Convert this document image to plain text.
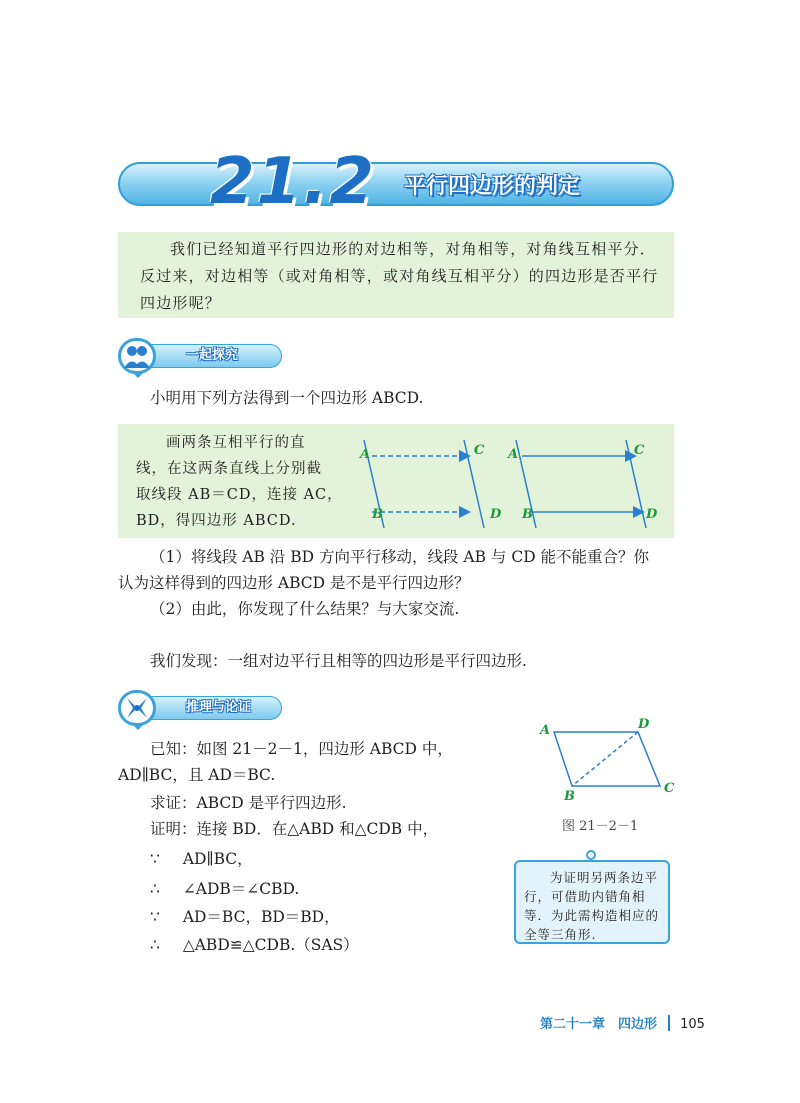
21.2 平行四边形的判定

我们已经知道平行四边形的对边相等，对角相等，对角线互相平分．反过来，对边相等（或对角相等，或对角线互相平分）的四边形是否平行四边形呢？

一起探究
小明用下列方法得到一个四边形 ABCD.
画两条互相平行的直
线，在这两条直线上分别截
取线段 AB＝CD，连接 AC，
BD，得四边形 ABCD.
A
B
C
D
A
B
C
D
（1）将线段 AB 沿 BD 方向平行移动，线段 AB 与 CD 能不能重合？你
认为这样得到的四边形 ABCD 是不是平行四边形？
（2）由此，你发现了什么结果？与大家交流.
我们发现：一组对边平行且相等的四边形是平行四边形.
推理与论证
已知：如图 21－2－1，四边形 ABCD 中，
AD∥BC，且 AD＝BC.
求证：ABCD 是平行四边形.
证明：连接 BD．在△ABD 和△CDB 中，
∵ AD∥BC，
∴ ∠ADB＝∠CBD.
∵ AD＝BC，BD＝BD，
∴ △ABD≌△CDB.（SAS）
A	D
C
B
图 21－2－1

为证明另两条边平行，可借助内错角相等．为此需构造相应的全等三角形.

第二十一章　四边形 105
